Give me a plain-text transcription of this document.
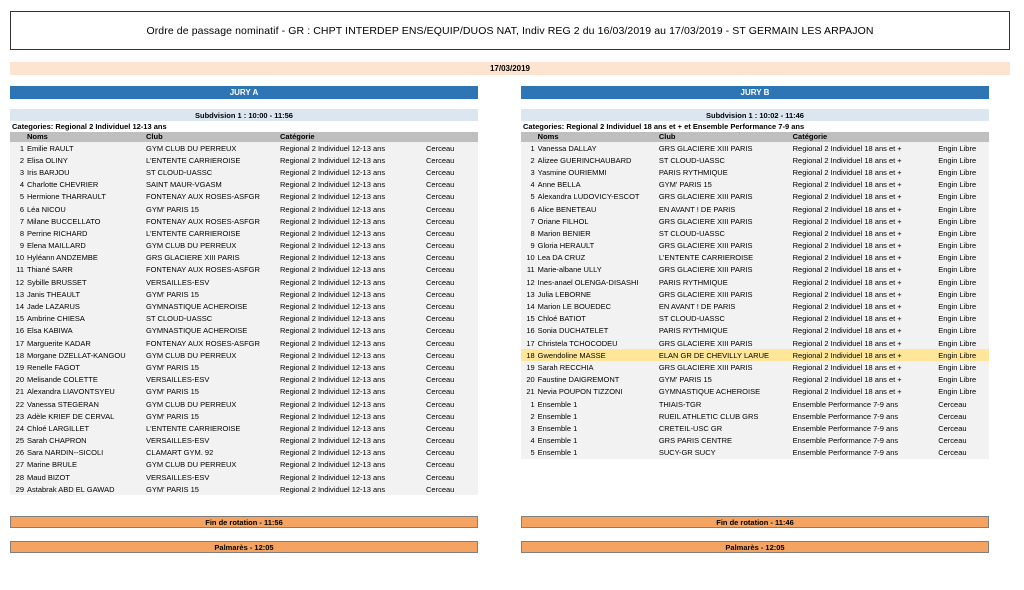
Ordre de passage nominatif - GR : CHPT INTERDEP ENS/EQUIP/DUOS NAT, Indiv REG 2 du 16/03/2019 au 17/03/2019 - ST GERMAIN LES ARPAJON
17/03/2019
JURY A
Subdvision 1 : 10:00 - 11:56
Categories: Regional 2 Individuel 12-13 ans
Noms	Club	Catégorie
1 Emilie RAULT	GYM CLUB DU PERREUX	Regional 2 Individuel 12-13 ans	Cerceau
2 Elisa OLINY	L'ENTENTE CARRIEROISE	Regional 2 Individuel 12-13 ans	Cerceau
3 Iris BARJOU	ST CLOUD-UASSC	Regional 2 Individuel 12-13 ans	Cerceau
4 Charlotte CHEVRIER	SAINT MAUR-VGASM	Regional 2 Individuel 12-13 ans	Cerceau
5 Hermione THARRAULT	FONTENAY AUX ROSES-ASFGR	Regional 2 Individuel 12-13 ans	Cerceau
6 Léa NICOU	GYM' PARIS 15	Regional 2 Individuel 12-13 ans	Cerceau
7 Milane BUCCELLATO	FONTENAY AUX ROSES-ASFGR	Regional 2 Individuel 12-13 ans	Cerceau
8 Perrine RICHARD	L'ENTENTE CARRIEROISE	Regional 2 Individuel 12-13 ans	Cerceau
9 Elena MAILLARD	GYM CLUB DU PERREUX	Regional 2 Individuel 12-13 ans	Cerceau
10 Hyléann ANDZEMBE	GRS GLACIERE XIII PARIS	Regional 2 Individuel 12-13 ans	Cerceau
11 Thiané SARR	FONTENAY AUX ROSES-ASFGR	Regional 2 Individuel 12-13 ans	Cerceau
12 Sybille BRUSSET	VERSAILLES-ESV	Regional 2 Individuel 12-13 ans	Cerceau
13 Janis THEAULT	GYM' PARIS 15	Regional 2 Individuel 12-13 ans	Cerceau
14 Jade LAZARUS	GYMNASTIQUE ACHEROISE	Regional 2 Individuel 12-13 ans	Cerceau
15 Ambrine CHIESA	ST CLOUD-UASSC	Regional 2 Individuel 12-13 ans	Cerceau
16 Elsa KABIWA	GYMNASTIQUE ACHEROISE	Regional 2 Individuel 12-13 ans	Cerceau
17 Marguerite KADAR	FONTENAY AUX ROSES-ASFGR	Regional 2 Individuel 12-13 ans	Cerceau
18 Morgane DZELLAT-KANGOU	GYM CLUB DU PERREUX	Regional 2 Individuel 12-13 ans	Cerceau
19 Renelle FAGOT	GYM' PARIS 15	Regional 2 Individuel 12-13 ans	Cerceau
20 Melisande COLETTE	VERSAILLES-ESV	Regional 2 Individuel 12-13 ans	Cerceau
21 Alexandra LIAVONTSYEU	GYM' PARIS 15	Regional 2 Individuel 12-13 ans	Cerceau
22 Vanessa STEGERAN	GYM CLUB DU PERREUX	Regional 2 Individuel 12-13 ans	Cerceau
23 Adèle KRIEF DE CERVAL	GYM' PARIS 15	Regional 2 Individuel 12-13 ans	Cerceau
24 Chloé LARGILLET	L'ENTENTE CARRIEROISE	Regional 2 Individuel 12-13 ans	Cerceau
25 Sarah CHAPRON	VERSAILLES-ESV	Regional 2 Individuel 12-13 ans	Cerceau
26 Sara NARDIN--SICOLI	CLAMART GYM. 92	Regional 2 Individuel 12-13 ans	Cerceau
27 Marine BRULE	GYM CLUB DU PERREUX	Regional 2 Individuel 12-13 ans	Cerceau
28 Maud BIZOT	VERSAILLES-ESV	Regional 2 Individuel 12-13 ans	Cerceau
29 Astabrak ABD EL GAWAD	GYM' PARIS 15	Regional 2 Individuel 12-13 ans	Cerceau
JURY B
Subdvision 1 : 10:02 - 11:46
Categories: Regional 2 Individuel 18 ans et + et Ensemble Performance 7-9 ans
Noms	Club	Catégorie
1 Vanessa DALLAY	GRS GLACIERE XIII PARIS	Regional 2 Individuel 18 ans et +	Engin Libre
2 Alizee GUERINCHAUBARD	ST CLOUD-UASSC	Regional 2 Individuel 18 ans et +	Engin Libre
3 Yasmine OURIEMMI	PARIS RYTHMIQUE	Regional 2 Individuel 18 ans et +	Engin Libre
4 Anne BELLA	GYM' PARIS 15	Regional 2 Individuel 18 ans et +	Engin Libre
5 Alexandra LUDOVICY-ESCOT	GRS GLACIERE XIII PARIS	Regional 2 Individuel 18 ans et +	Engin Libre
6 Alice BENETEAU	EN AVANT ! DE PARIS	Regional 2 Individuel 18 ans et +	Engin Libre
7 Oriane FILHOL	GRS GLACIERE XIII PARIS	Regional 2 Individuel 18 ans et +	Engin Libre
8 Marion BENIER	ST CLOUD-UASSC	Regional 2 Individuel 18 ans et +	Engin Libre
9 Gloria HERAULT	GRS GLACIERE XIII PARIS	Regional 2 Individuel 18 ans et +	Engin Libre
10 Lea DA CRUZ	L'ENTENTE CARRIEROISE	Regional 2 Individuel 18 ans et +	Engin Libre
11 Marie-albane ULLY	GRS GLACIERE XIII PARIS	Regional 2 Individuel 18 ans et +	Engin Libre
12 Ines-anael OLENGA-DISASHI	PARIS RYTHMIQUE	Regional 2 Individuel 18 ans et +	Engin Libre
13 Julia LEBORNE	GRS GLACIERE XIII PARIS	Regional 2 Individuel 18 ans et +	Engin Libre
14 Marion LE BOUEDEC	EN AVANT ! DE PARIS	Regional 2 Individuel 18 ans et +	Engin Libre
15 Chloé BATIOT	ST CLOUD-UASSC	Regional 2 Individuel 18 ans et +	Engin Libre
16 Sonia DUCHATELET	PARIS RYTHMIQUE	Regional 2 Individuel 18 ans et +	Engin Libre
17 Christela TCHOCODEU	GRS GLACIERE XIII PARIS	Regional 2 Individuel 18 ans et +	Engin Libre
18 Gwendoline MASSE	ELAN GR DE CHEVILLY LARUE	Regional 2 Individuel 18 ans et +	Engin Libre
19 Sarah RECCHIA	GRS GLACIERE XIII PARIS	Regional 2 Individuel 18 ans et +	Engin Libre
20 Faustine DAIGREMONT	GYM' PARIS 15	Regional 2 Individuel 18 ans et +	Engin Libre
21 Nevia POUPON TIZZONI	GYMNASTIQUE ACHEROISE	Regional 2 Individuel 18 ans et +	Engin Libre
1 Ensemble 1	THIAIS-TGR	Ensemble Performance 7-9 ans	Cerceau
2 Ensemble 1	RUEIL ATHLETIC CLUB GRS	Ensemble Performance 7-9 ans	Cerceau
3 Ensemble 1	CRETEIL-USC GR	Ensemble Performance 7-9 ans	Cerceau
4 Ensemble 1	GRS PARIS CENTRE	Ensemble Performance 7-9 ans	Cerceau
5 Ensemble 1	SUCY-GR SUCY	Ensemble Performance 7-9 ans	Cerceau
Fin de rotation - 11:56	Fin de rotation - 11:46
Palmarès - 12:05	Palmarès - 12:05
